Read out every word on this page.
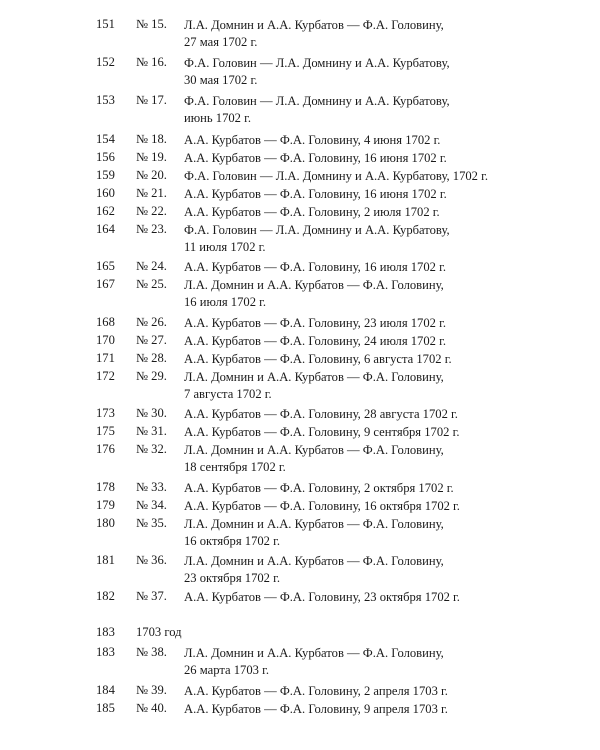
151	№ 15.	Л.А. Домнин и А.А. Курбатов — Ф.А. Головину,
27 мая 1702 г.
152	№ 16.	Ф.А. Головин — Л.А. Домнину и А.А. Курбатову,
30 мая 1702 г.
153	№ 17.	Ф.А. Головин — Л.А. Домнину и А.А. Курбатову,
июнь 1702 г.
154	№ 18.	А.А. Курбатов — Ф.А. Головину, 4 июня 1702 г.
156	№ 19.	А.А. Курбатов — Ф.А. Головину, 16 июня 1702 г.
159	№ 20.	Ф.А. Головин — Л.А. Домнину и А.А. Курбатову, 1702 г.
160	№ 21.	А.А. Курбатов — Ф.А. Головину, 16 июня 1702 г.
162	№ 22.	А.А. Курбатов — Ф.А. Головину, 2 июля 1702 г.
164	№ 23.	Ф.А. Головин — Л.А. Домнину и А.А. Курбатову,
11 июля 1702 г.
165	№ 24.	А.А. Курбатов — Ф.А. Головину, 16 июля 1702 г.
167	№ 25.	Л.А. Домнин и А.А. Курбатов — Ф.А. Головину,
16 июля 1702 г.
168	№ 26.	А.А. Курбатов — Ф.А. Головину, 23 июля 1702 г.
170	№ 27.	А.А. Курбатов — Ф.А. Головину, 24 июля 1702 г.
171	№ 28.	А.А. Курбатов — Ф.А. Головину, 6 августа 1702 г.
172	№ 29.	Л.А. Домнин и А.А. Курбатов — Ф.А. Головину,
7 августа 1702 г.
173	№ 30.	А.А. Курбатов — Ф.А. Головину, 28 августа 1702 г.
175	№ 31.	А.А. Курбатов — Ф.А. Головину, 9 сентября 1702 г.
176	№ 32.	Л.А. Домнин и А.А. Курбатов — Ф.А. Головину,
18 сентября 1702 г.
178	№ 33.	А.А. Курбатов — Ф.А. Головину, 2 октября 1702 г.
179	№ 34.	А.А. Курбатов — Ф.А. Головину, 16 октября 1702 г.
180	№ 35.	Л.А. Домнин и А.А. Курбатов — Ф.А. Головину,
16 октября 1702 г.
181	№ 36.	Л.А. Домнин и А.А. Курбатов — Ф.А. Головину,
23 октября 1702 г.
182	№ 37.	А.А. Курбатов — Ф.А. Головину, 23 октября 1702 г.
183	1703 год
183	№ 38.	Л.А. Домнин и А.А. Курбатов — Ф.А. Головину,
26 марта 1703 г.
184	№ 39.	А.А. Курбатов — Ф.А. Головину, 2 апреля 1703 г.
185	№ 40.	А.А. Курбатов — Ф.А. Головину, 9 апреля 1703 г.
